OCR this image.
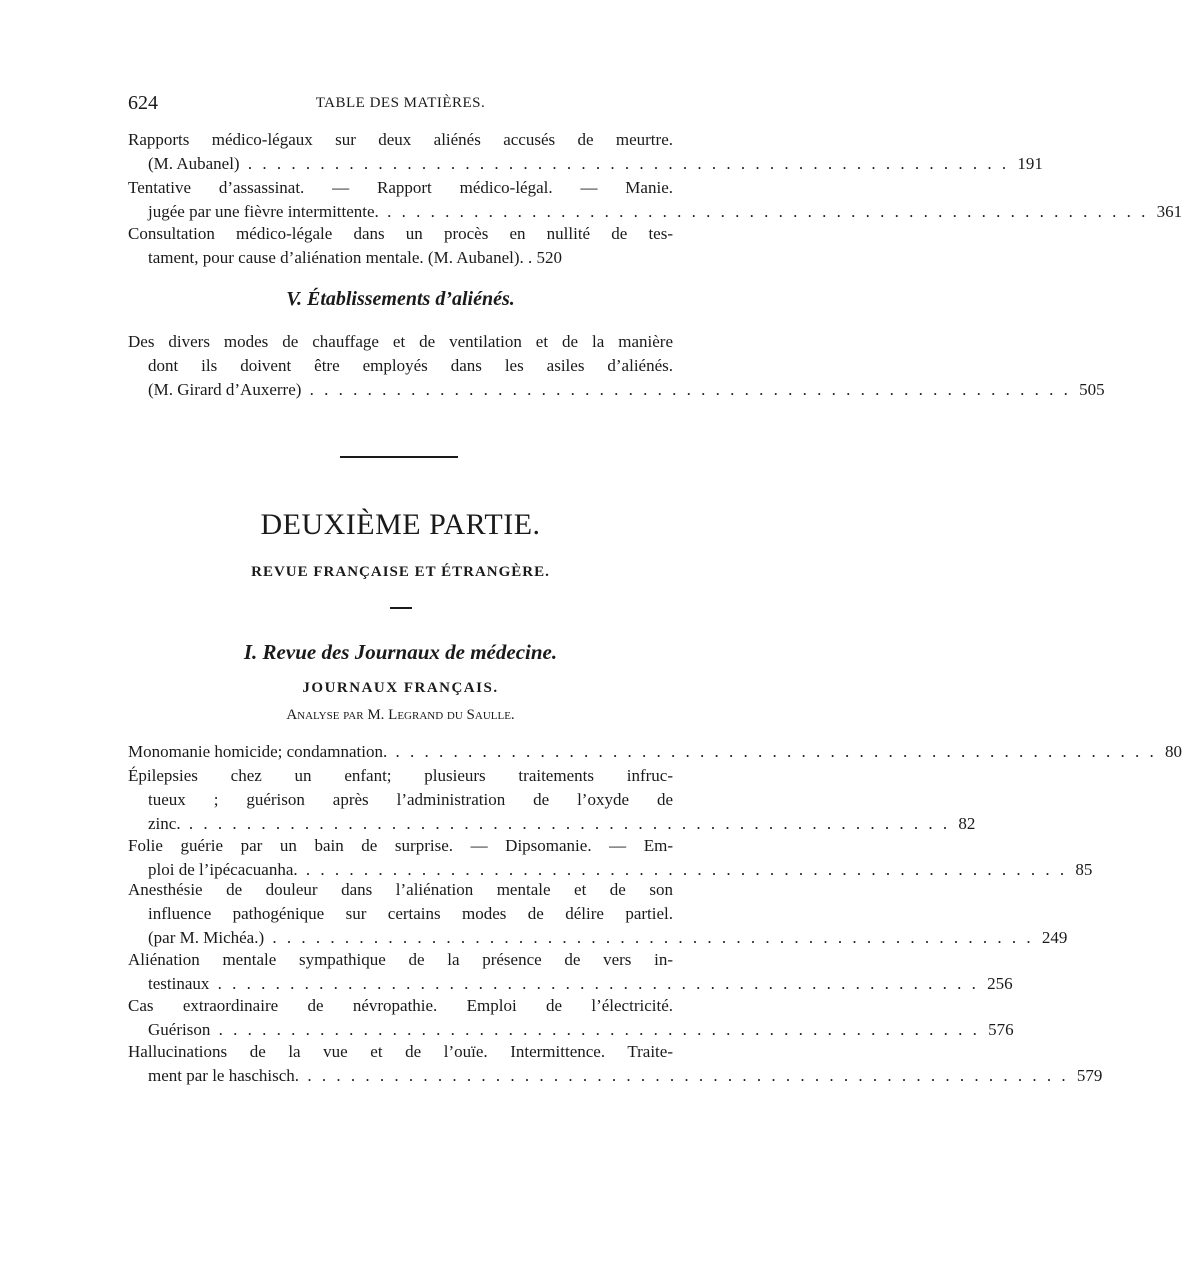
624	TABLE DES MATIÈRES.
Rapports médico-légaux sur deux aliénés accusés de meurtre.
(M. Aubanel) . . .	191
Tentative d’assassinat. — Rapport médico-légal. — Manie.
jugée par une fièvre intermittente. . . .	361
Consultation médico-légale dans un procès en nullité de tes-
tament, pour cause d’aliénation mentale. (M. Aubanel). . 520
V. Établissements d’aliénés.
Des divers modes de chauffage et de ventilation et de la manière
dont ils doivent être employés dans les asiles d’aliénés.
(M. Girard d’Auxerre) . . .	505
DEUXIÈME PARTIE.
REVUE FRANÇAISE ET ÉTRANGÈRE.
I. Revue des Journaux de médecine.
JOURNAUX FRANÇAIS.
Analyse par M. Legrand du Saulle.
Monomanie homicide; condamnation. . . .	80
Épilepsies chez un enfant; plusieurs traitements infruc-
tueux ; guérison après l’administration de l’oxyde de
zinc. . . .	82
Folie guérie par un bain de surprise. — Dipsomanie. — Em-
ploi de l’ipécacuanha. . . .	85
Anesthésie de douleur dans l’aliénation mentale et de son
influence pathogénique sur certains modes de délire partiel.
(par M. Michéa.) . . .	249
Aliénation mentale sympathique de la présence de vers in-
testinaux . . .	256
Cas extraordinaire de névropathie. Emploi de l’électricité.
Guérison . . .	576
Hallucinations de la vue et de l’ouïe. Intermittence. Traite-
ment par le haschisch. . . .	579
